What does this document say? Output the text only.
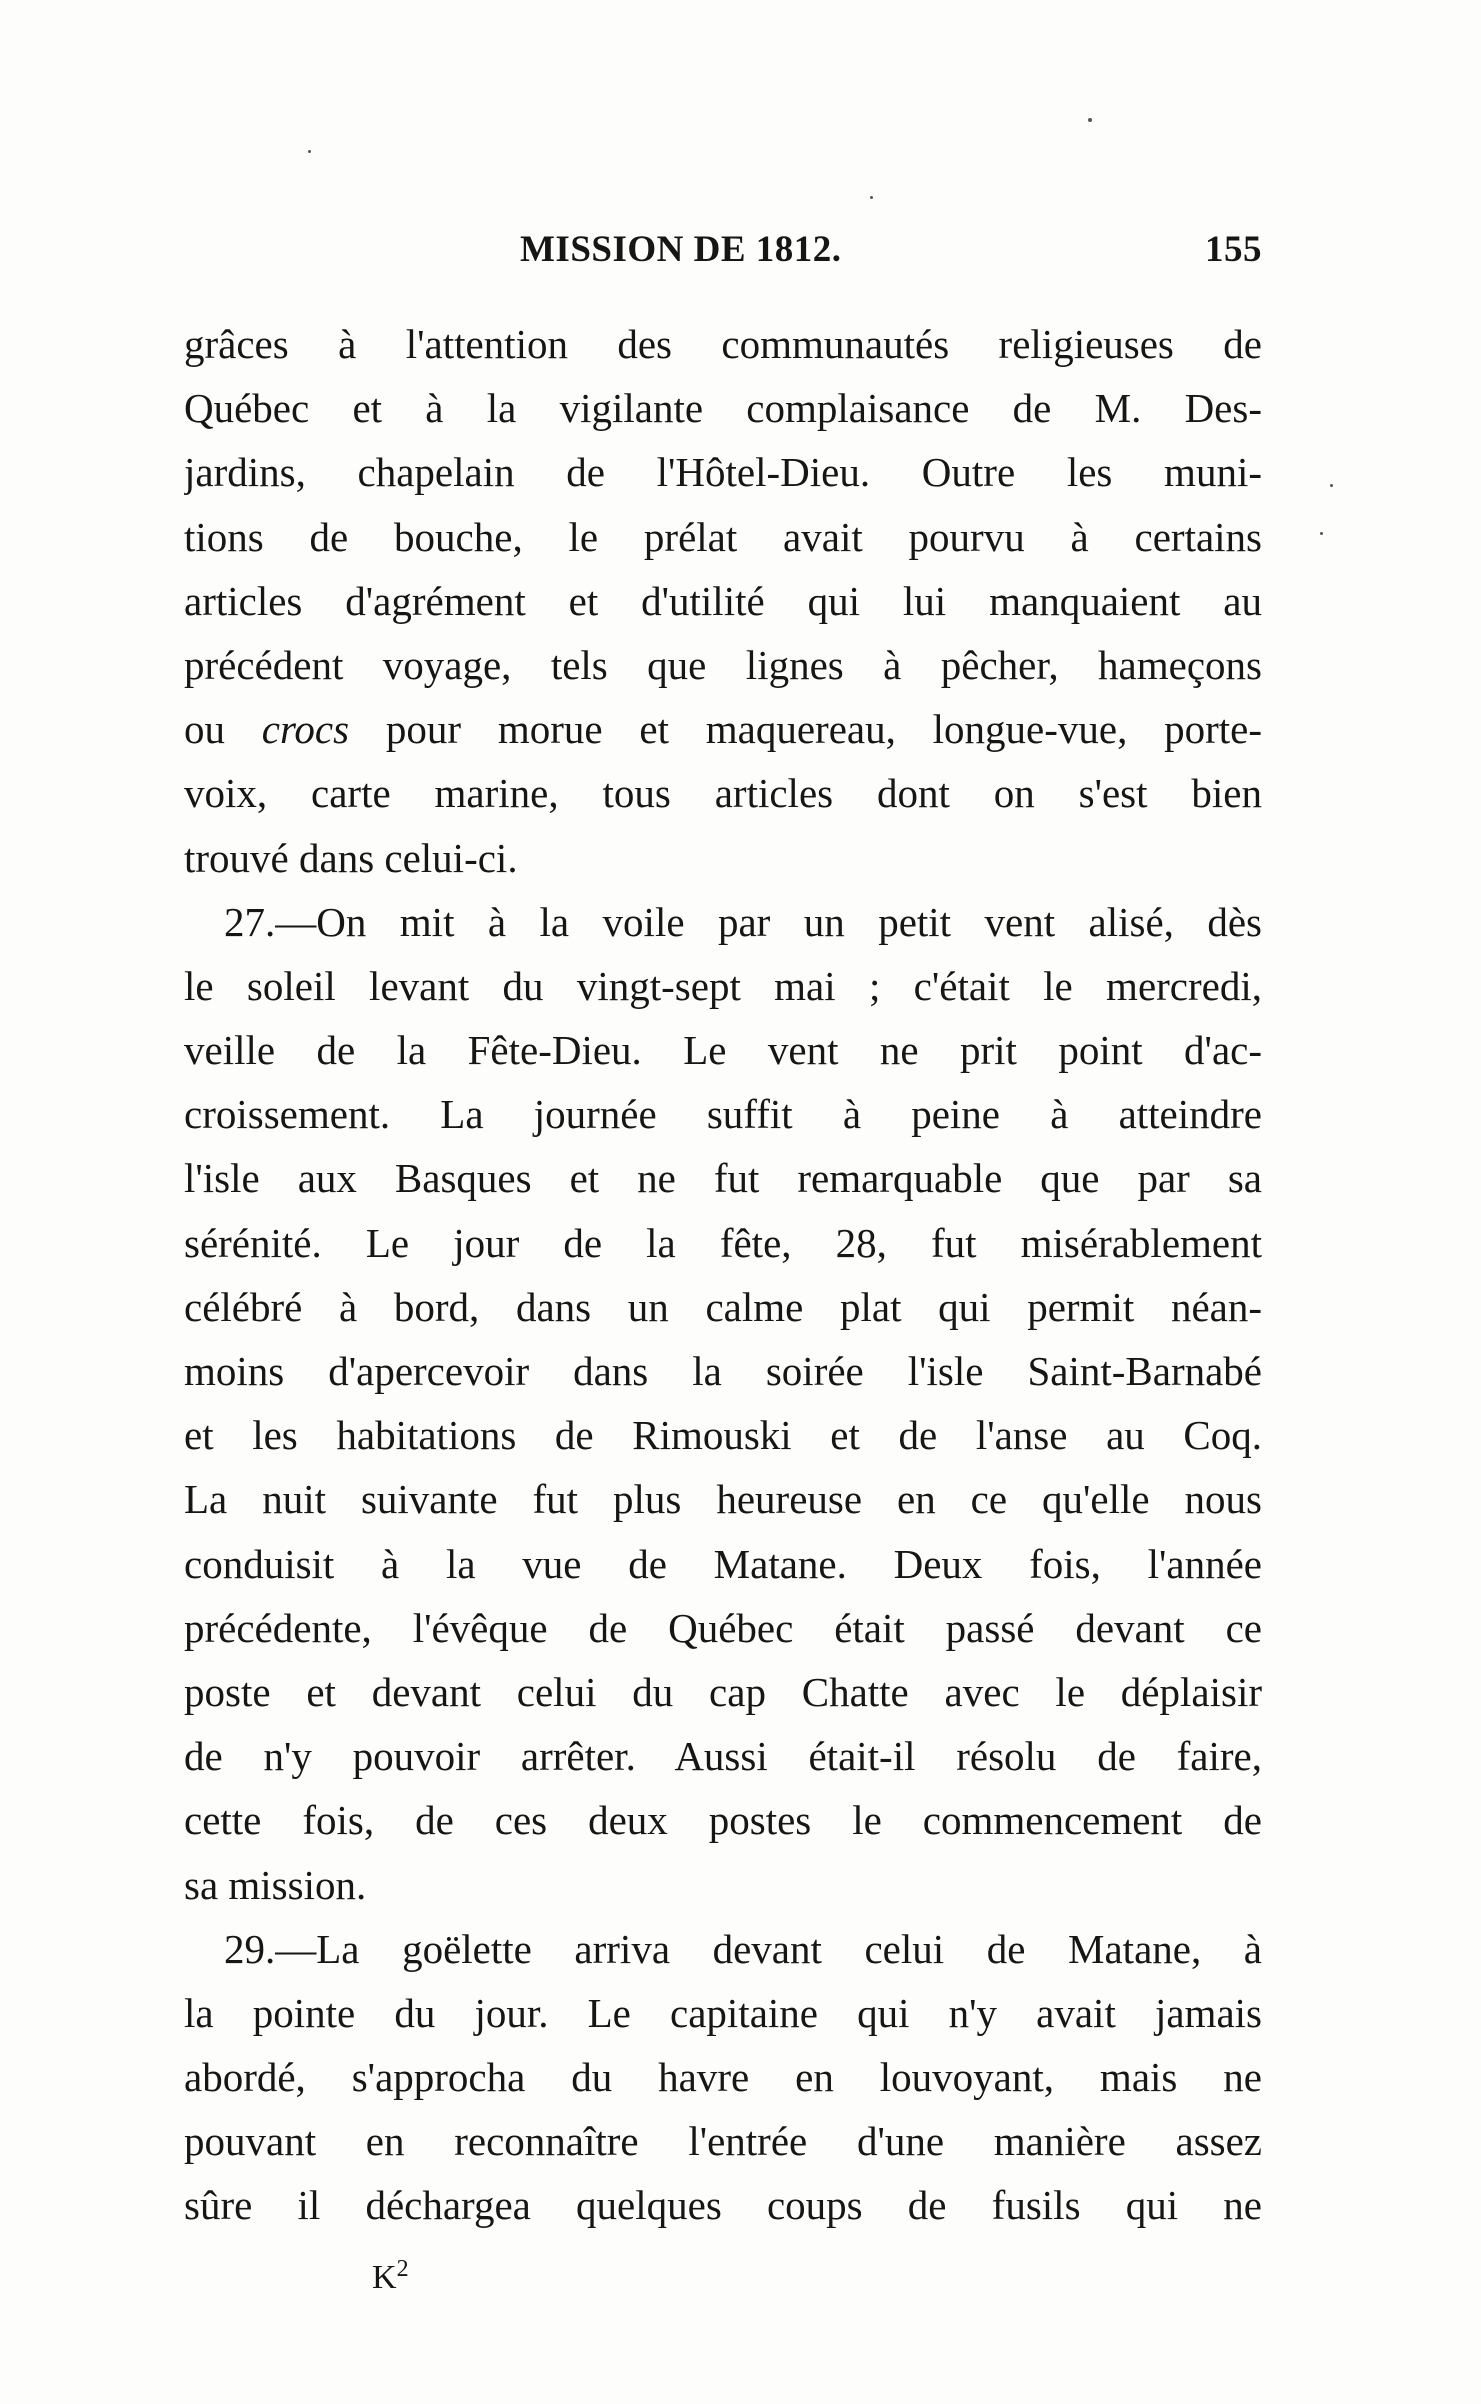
MISSION DE 1812.	155
grâces à l'attention des communautés religieuses de
Québec et à la vigilante complaisance de M. Des-
jardins, chapelain de l'Hôtel-Dieu. Outre les muni-
tions de bouche, le prélat avait pourvu à certains
articles d'agrément et d'utilité qui lui manquaient au
précédent voyage, tels que lignes à pêcher, hameçons
ou crocs pour morue et maquereau, longue-vue, porte-
voix, carte marine, tous articles dont on s'est bien
trouvé dans celui-ci.
27.—On mit à la voile par un petit vent alisé, dès
le soleil levant du vingt-sept mai ; c'était le mercredi,
veille de la Fête-Dieu. Le vent ne prit point d'ac-
croissement. La journée suffit à peine à atteindre
l'isle aux Basques et ne fut remarquable que par sa
sérénité. Le jour de la fête, 28, fut misérablement
célébré à bord, dans un calme plat qui permit néan-
moins d'apercevoir dans la soirée l'isle Saint-Barnabé
et les habitations de Rimouski et de l'anse au Coq.
La nuit suivante fut plus heureuse en ce qu'elle nous
conduisit à la vue de Matane. Deux fois, l'année
précédente, l'évêque de Québec était passé devant ce
poste et devant celui du cap Chatte avec le déplaisir
de n'y pouvoir arrêter. Aussi était-il résolu de faire,
cette fois, de ces deux postes le commencement de
sa mission.
29.—La goëlette arriva devant celui de Matane, à
la pointe du jour. Le capitaine qui n'y avait jamais
abordé, s'approcha du havre en louvoyant, mais ne
pouvant en reconnaître l'entrée d'une manière assez
sûre il déchargea quelques coups de fusils qui ne
$K^2$
